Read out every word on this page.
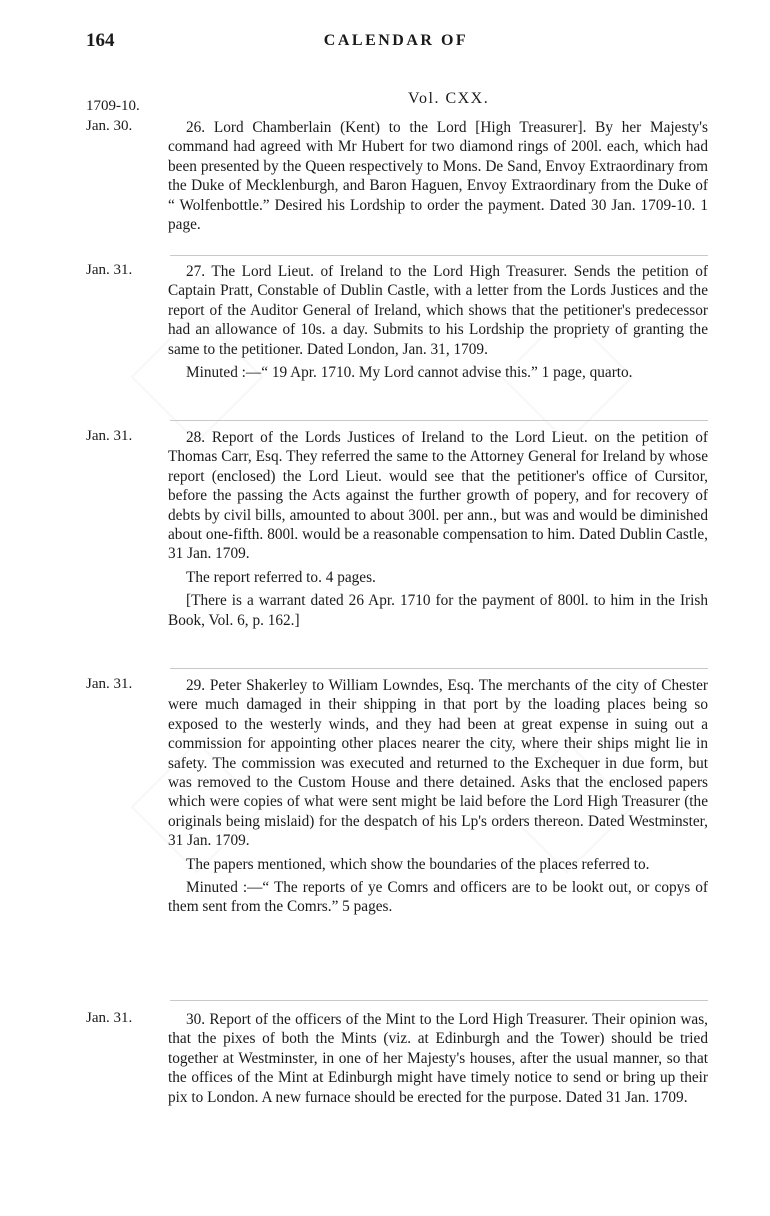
164	CALENDAR OF
Vol. CXX.
1709-10.
Jan. 30.	26. Lord Chamberlain (Kent) to the Lord [High Treasurer]. By her Majesty's command had agreed with Mr Hubert for two diamond rings of 200l. each, which had been presented by the Queen respectively to Mons. De Sand, Envoy Extraordinary from the Duke of Mecklenburgh, and Baron Haguen, Envoy Extraordinary from the Duke of “ Wolfenbottle.” Desired his Lordship to order the payment. Dated 30 Jan. 1709-10. 1 page.

Jan. 31.	27. The Lord Lieut. of Ireland to the Lord High Treasurer. Sends the petition of Captain Pratt, Constable of Dublin Castle, with a letter from the Lords Justices and the report of the Auditor General of Ireland, which shows that the petitioner's predecessor had an allowance of 10s. a day. Submits to his Lordship the propriety of granting the same to the petitioner. Dated London, Jan. 31, 1709.

Minuted :—“ 19 Apr. 1710. My Lord cannot advise this.” 1 page, quarto.

Jan. 31.	28. Report of the Lords Justices of Ireland to the Lord Lieut. on the petition of Thomas Carr, Esq. They referred the same to the Attorney General for Ireland by whose report (enclosed) the Lord Lieut. would see that the petitioner's office of Cursitor, before the passing the Acts against the further growth of popery, and for recovery of debts by civil bills, amounted to about 300l. per ann., but was and would be diminished about one-fifth. 800l. would be a reasonable compensation to him. Dated Dublin Castle, 31 Jan. 1709.

The report referred to. 4 pages.

[There is a warrant dated 26 Apr. 1710 for the payment of 800l. to him in the Irish Book, Vol. 6, p. 162.]

Jan. 31.	29. Peter Shakerley to William Lowndes, Esq. The merchants of the city of Chester were much damaged in their shipping in that port by the loading places being so exposed to the westerly winds, and they had been at great expense in suing out a commission for appointing other places nearer the city, where their ships might lie in safety. The commission was executed and returned to the Exchequer in due form, but was removed to the Custom House and there detained. Asks that the enclosed papers which were copies of what were sent might be laid before the Lord High Treasurer (the originals being mislaid) for the despatch of his Lp's orders thereon. Dated Westminster, 31 Jan. 1709.

The papers mentioned, which show the boundaries of the places referred to.

Minuted :—“ The reports of ye Comrs and officers are to be lookt out, or copys of them sent from the Comrs.” 5 pages.

Jan. 31.	30. Report of the officers of the Mint to the Lord High Treasurer. Their opinion was, that the pixes of both the Mints (viz. at Edinburgh and the Tower) should be tried together at Westminster, in one of her Majesty's houses, after the usual manner, so that the offices of the Mint at Edinburgh might have timely notice to send or bring up their pix to London. A new furnace should be erected for the purpose. Dated 31 Jan. 1709.
